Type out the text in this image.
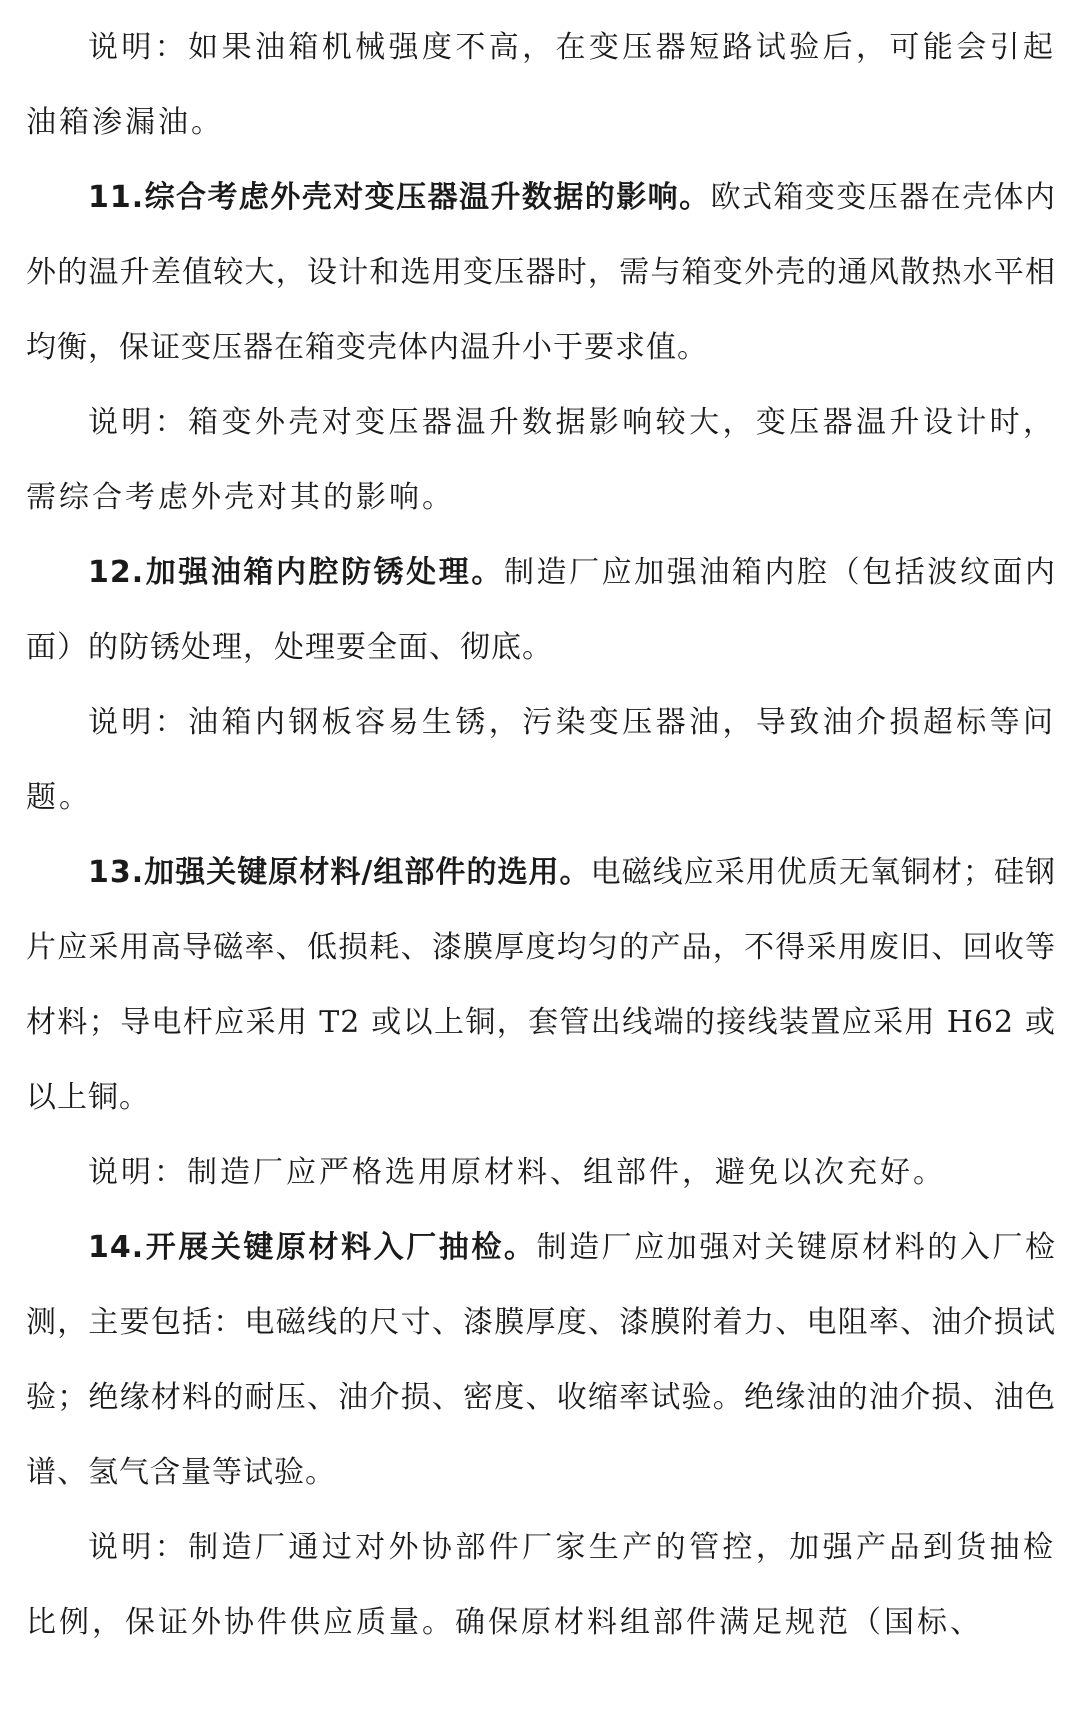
说明：如果油箱机械强度不高，在变压器短路试验后，可能会引起油箱渗漏油。

11.综合考虑外壳对变压器温升数据的影响。欧式箱变变压器在壳体内外的温升差值较大，设计和选用变压器时，需与箱变外壳的通风散热水平相均衡，保证变压器在箱变壳体内温升小于要求值。

说明：箱变外壳对变压器温升数据影响较大，变压器温升设计时，需综合考虑外壳对其的影响。

12.加强油箱内腔防锈处理。制造厂应加强油箱内腔（包括波纹面内面）的防锈处理，处理要全面、彻底。

说明：油箱内钢板容易生锈，污染变压器油，导致油介损超标等问题。

13.加强关键原材料/组部件的选用。电磁线应采用优质无氧铜材；硅钢片应采用高导磁率、低损耗、漆膜厚度均匀的产品，不得采用废旧、回收等材料；导电杆应采用 T2 或以上铜，套管出线端的接线装置应采用 H62 或以上铜。

说明：制造厂应严格选用原材料、组部件，避免以次充好。

14.开展关键原材料入厂抽检。制造厂应加强对关键原材料的入厂检测，主要包括：电磁线的尺寸、漆膜厚度、漆膜附着力、电阻率、油介损试验；绝缘材料的耐压、油介损、密度、收缩率试验。绝缘油的油介损、油色谱、氢气含量等试验。

说明：制造厂通过对外协部件厂家生产的管控，加强产品到货抽检比例，保证外协件供应质量。确保原材料组部件满足规范（国标、
